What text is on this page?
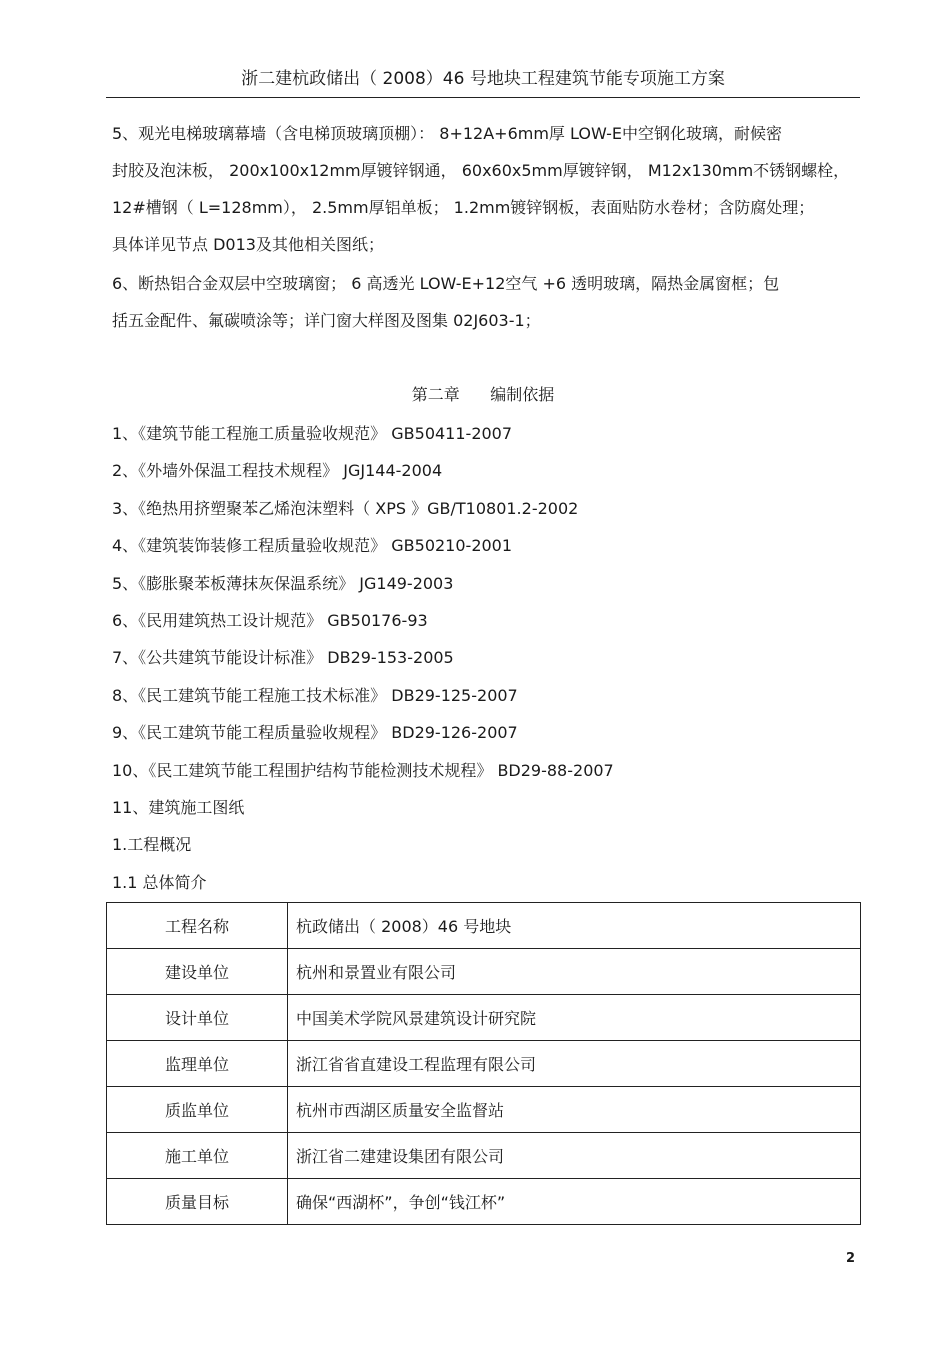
浙二建杭政储出（ 2008）46 号地块工程建筑节能专项施工方案
5、观光电梯玻璃幕墙（含电梯顶玻璃顶棚）： 8+12A+6mm厚 LOW-E中空钢化玻璃，耐候密
封胶及泡沫板， 200x100x12mm厚镀锌钢通， 60x60x5mm厚镀锌钢， M12x130mm不锈钢螺栓，
12#槽钢（ L=128mm）， 2.5mm厚铝单板； 1.2mm镀锌钢板，表面贴防水卷材；含防腐处理；
具体详见节点 D013及其他相关图纸；
6、断热铝合金双层中空玻璃窗； 6 高透光 LOW-E+12空气 +6 透明玻璃，隔热金属窗框；包
括五金配件、氟碳喷涂等；详门窗大样图及图集 02J603-1；
第二章      编制依据
1、《建筑节能工程施工质量验收规范》 GB50411-2007
2、《外墙外保温工程技术规程》 JGJ144-2004
3、《绝热用挤塑聚苯乙烯泡沫塑料（ XPS 》GB/T10801.2-2002
4、《建筑装饰装修工程质量验收规范》 GB50210-2001
5、《膨胀聚苯板薄抹灰保温系统》 JG149-2003
6、《民用建筑热工设计规范》 GB50176-93
7、《公共建筑节能设计标准》 DB29-153-2005
8、《民工建筑节能工程施工技术标准》 DB29-125-2007
9、《民工建筑节能工程质量验收规程》 BD29-126-2007
10、《民工建筑节能工程围护结构节能检测技术规程》 BD29-88-2007
11、建筑施工图纸
1.工程概况
1.1 总体简介
工程名称	杭政储出（ 2008）46 号地块
建设单位	杭州和景置业有限公司
设计单位	中国美术学院风景建筑设计研究院
监理单位	浙江省省直建设工程监理有限公司
质监单位	杭州市西湖区质量安全监督站
施工单位	浙江省二建建设集团有限公司
质量目标	确保“西湖杯”，争创“钱江杯”
2
